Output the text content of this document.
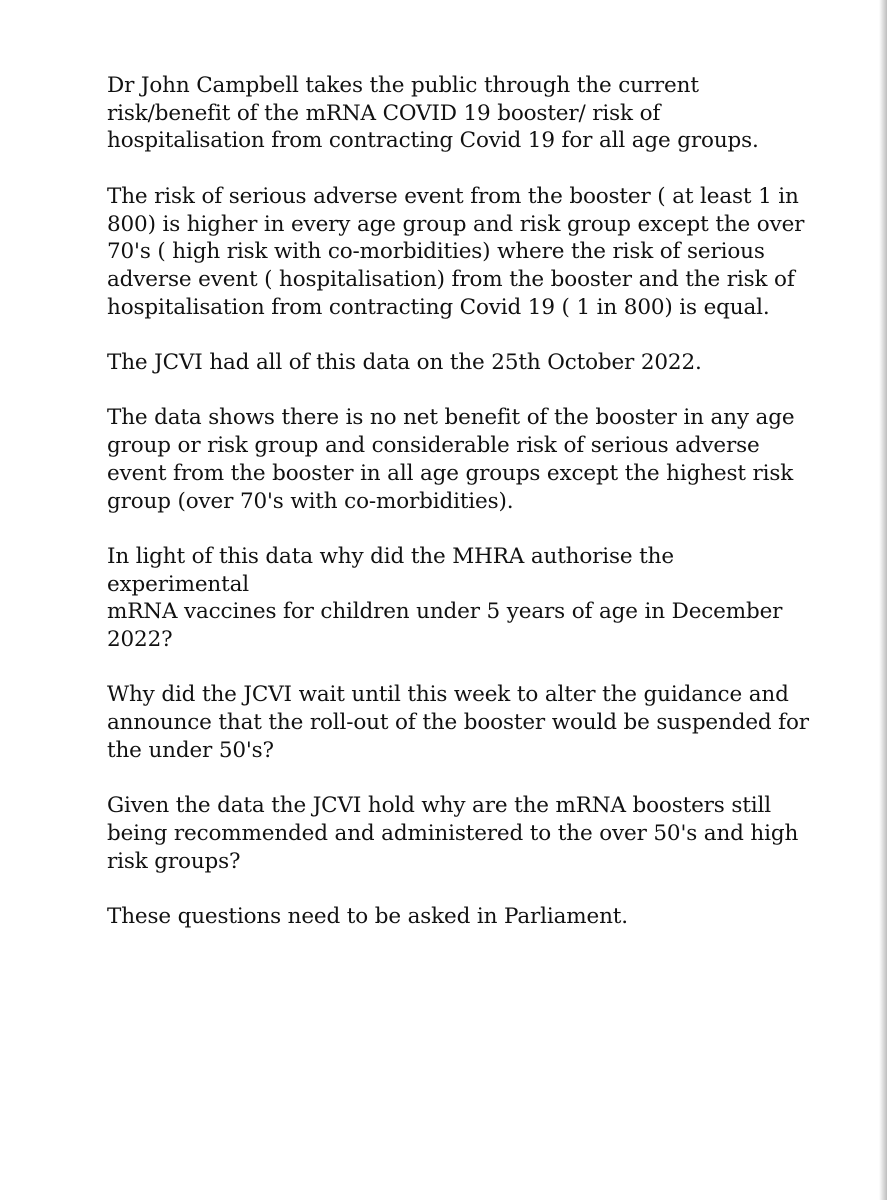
Dr John Campbell takes the public through the current
risk/benefit of the mRNA COVID 19 booster/ risk of
hospitalisation from contracting Covid 19 for all age groups.

The risk of serious adverse event from the booster ( at least 1 in
800) is higher in every age group and risk group except the over
70's ( high risk with co-morbidities) where the risk of serious
adverse event ( hospitalisation) from the booster and the risk of
hospitalisation from contracting Covid 19 ( 1 in 800) is equal.

The JCVI had all of this data on the 25th October 2022.

The data shows there is no net benefit of the booster in any age
group or risk group and considerable risk of serious adverse
event from the booster in all age groups except the highest risk
group (over 70's with co-morbidities).

In light of this data why did the MHRA authorise the experimental
mRNA vaccines for children under 5 years of age in December
2022?

Why did the JCVI wait until this week to alter the guidance and
announce that the roll-out of the booster would be suspended for
the under 50's?

Given the data the JCVI hold why are the mRNA boosters still
being recommended and administered to the over 50's and high
risk groups?

These questions need to be asked in Parliament.
